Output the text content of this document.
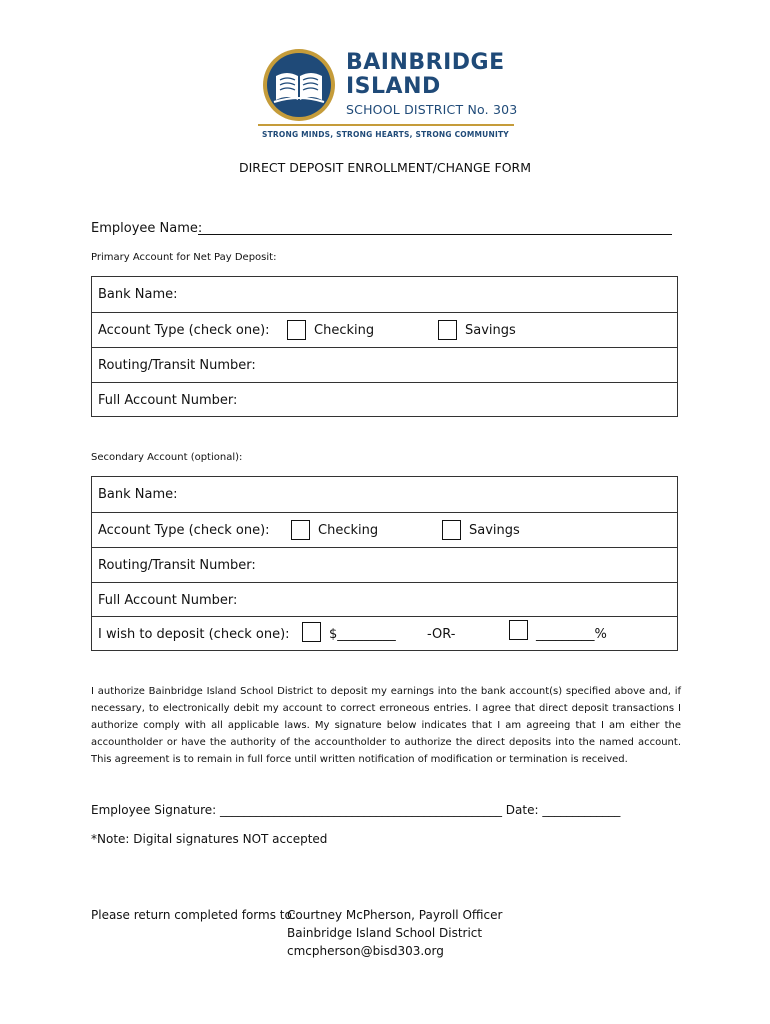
BAINBRIDGE
ISLAND
SCHOOL DISTRICT No. 303
STRONG MINDS, STRONG HEARTS, STRONG COMMUNITY
DIRECT DEPOSIT ENROLLMENT/CHANGE FORM
Employee Name:
Primary Account for Net Pay Deposit:
Bank Name:
Account Type (check one):	Checking	Savings
Routing/Transit Number:
Full Account Number:
Secondary Account (optional):
Bank Name:
Account Type (check one):	Checking	Savings
Routing/Transit Number:
Full Account Number:
I wish to deposit (check one):	$_________ -OR-	_________%
I authorize Bainbridge Island School District to deposit my earnings into the bank account(s) specified above and, if necessary, to electronically debit my account to correct erroneous entries. I agree that direct deposit transactions I authorize comply with all applicable laws. My signature below indicates that I am agreeing that I am either the accountholder or have the authority of the accountholder to authorize the direct deposits into the named account. This agreement is to remain in full force until written notification of modification or termination is received.
Employee Signature: _______________________________________________ Date: _____________
*Note: Digital signatures NOT accepted
Please return completed forms to:
Courtney McPherson, Payroll Officer
Bainbridge Island School District
cmcpherson@bisd303.org
